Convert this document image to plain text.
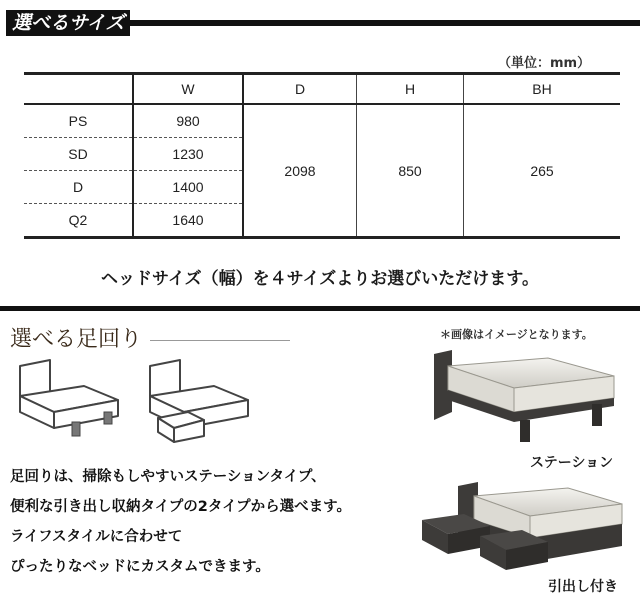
選べるサイズ
（単位：mm）
	W	D	H	BH
PS	980	2098	850	265
SD	1230			
D	1400			
Q2	1640			
ヘッドサイズ（幅）を４サイズよりお選びいただけます。
選べる足回り	＊画像はイメージとなります。
足回りは、掃除もしやすいステーションタイプ、
便利な引き出し収納タイプの2タイプから選べます。
ライフスタイルに合わせて
ぴったりなベッドにカスタムできます。
ステーション
引出し付き
